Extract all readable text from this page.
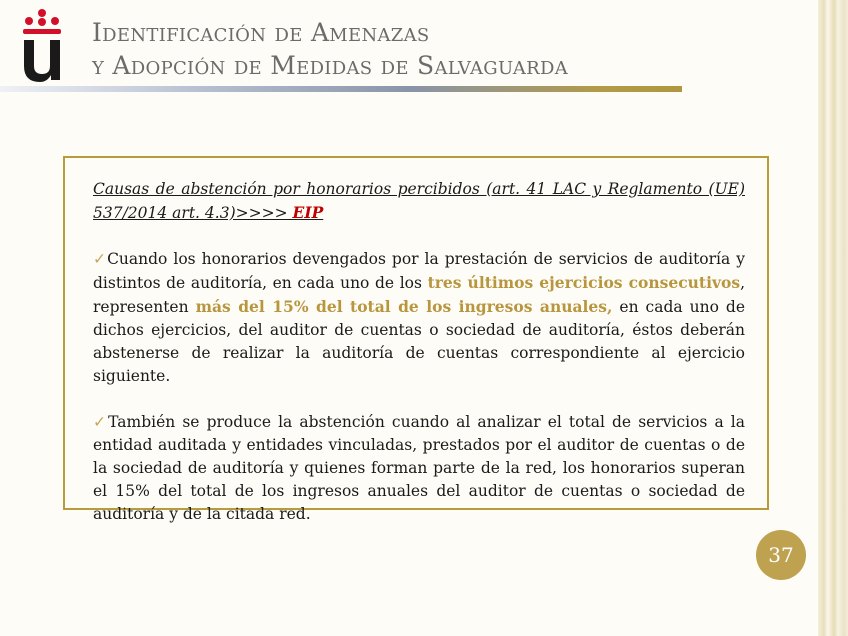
Identificación de Amenazas
y Adopción de Medidas de Salvaguarda

Causas de abstención por honorarios percibidos (art. 41 LAC y Reglamento (UE) 537/2014 art. 4.3)>>>> EIP

✓Cuando los honorarios devengados por la prestación de servicios de auditoría y distintos de auditoría, en cada uno de los tres últimos ejercicios consecutivos, representen más del 15% del total de los ingresos anuales, en cada uno de dichos ejercicios, del auditor de cuentas o sociedad de auditoría, éstos deberán abstenerse de realizar la auditoría de cuentas correspondiente al ejercicio siguiente.

✓También se produce la abstención cuando al analizar el total de servicios a la entidad auditada y entidades vinculadas, prestados por el auditor de cuentas o de la sociedad de auditoría y quienes forman parte de la red, los honorarios superan el 15% del total de los ingresos anuales del auditor de cuentas o sociedad de auditoría y de la citada red.

37
